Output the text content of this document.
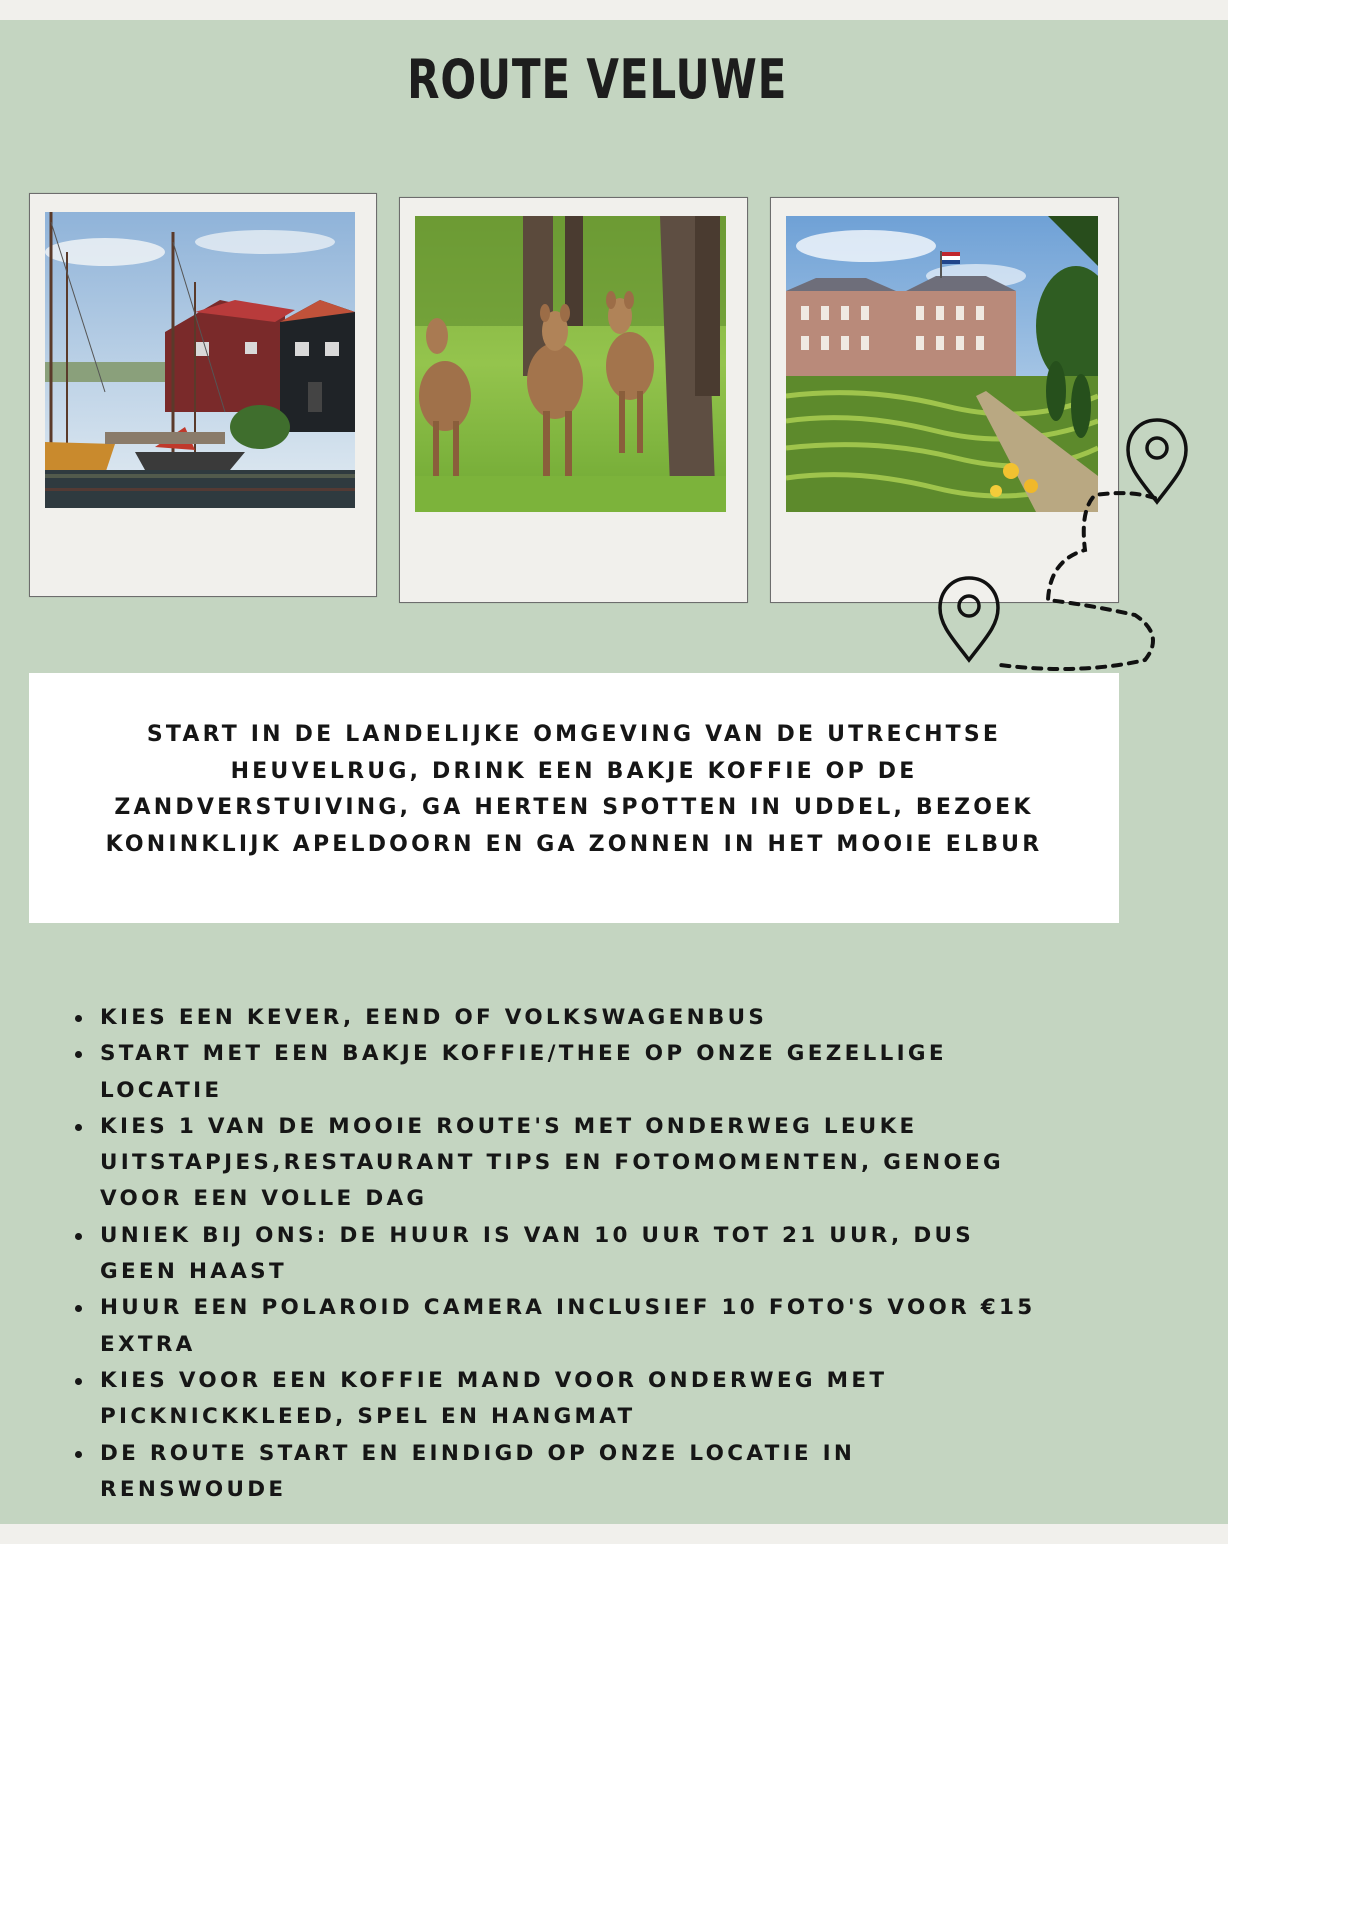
ROUTE VELUWE
START IN DE LANDELIJKE OMGEVING VAN DE UTRECHTSE HEUVELRUG, DRINK EEN BAKJE KOFFIE OP DE ZANDVERSTUIVING, GA HERTEN SPOTTEN IN UDDEL, BEZOEK KONINKLIJK APELDOORN EN GA ZONNEN IN HET MOOIE ELBUR
KIES EEN KEVER, EEND OF VOLKSWAGENBUS
START MET EEN BAKJE KOFFIE/THEE OP ONZE GEZELLIGE LOCATIE
KIES 1 VAN DE MOOIE ROUTE'S MET ONDERWEG LEUKE UITSTAPJES,RESTAURANT TIPS EN FOTOMOMENTEN, GENOEG VOOR EEN VOLLE DAG
UNIEK BIJ ONS: DE HUUR IS VAN 10 UUR TOT 21 UUR, DUS GEEN HAAST
HUUR EEN POLAROID CAMERA INCLUSIEF 10 FOTO'S VOOR €15 EXTRA
KIES VOOR EEN KOFFIE MAND VOOR ONDERWEG MET PICKNICKKLEED, SPEL EN HANGMAT
DE ROUTE START EN EINDIGD OP ONZE LOCATIE IN RENSWOUDE
